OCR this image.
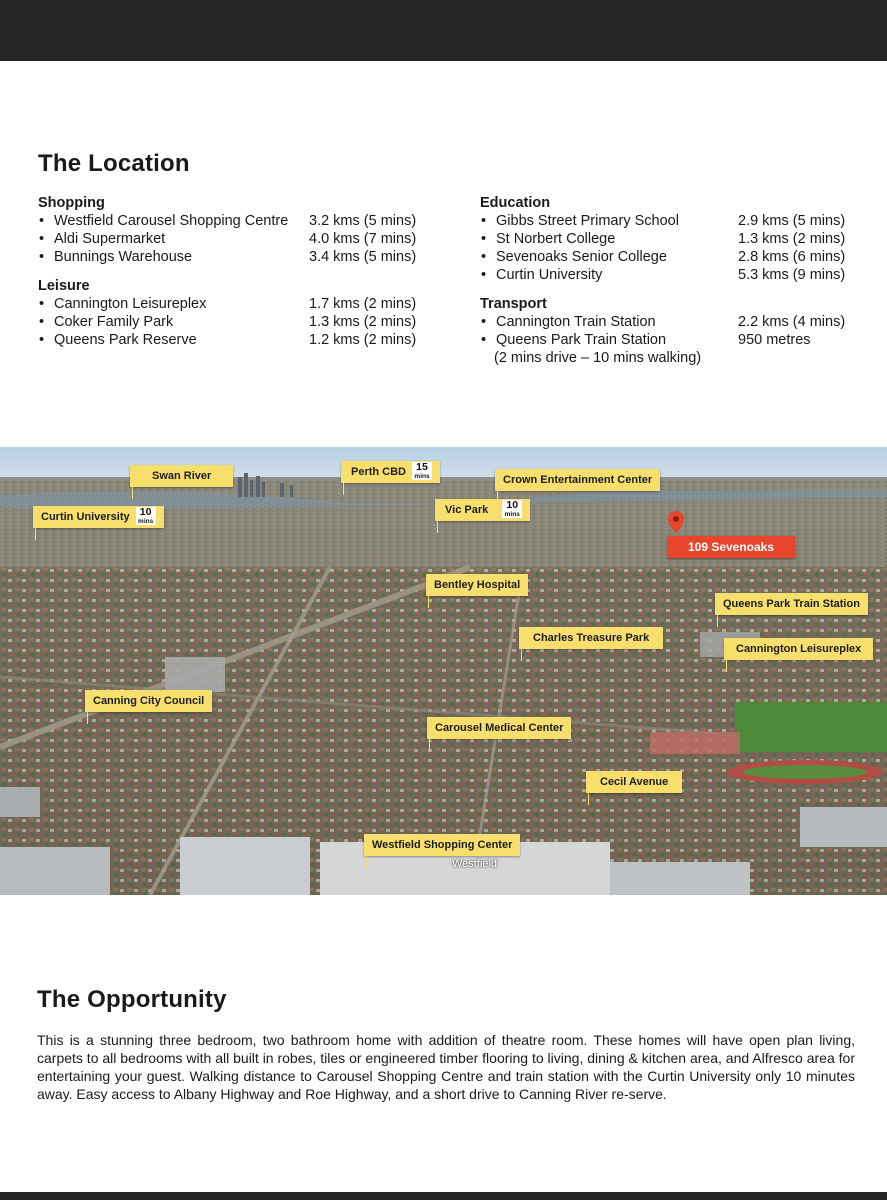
The Location
Shopping
• Westfield Carousel Shopping Centre 3.2 kms (5 mins)
• Aldi Supermarket	4.0 kms (7 mins)
• Bunnings Warehouse	3.4 kms (5 mins)
Leisure
• Cannington Leisureplex	1.7 kms (2 mins)
• Coker Family Park	1.3 kms (2 mins)
• Queens Park Reserve	1.2 kms (2 mins)
Education
• Gibbs Street Primary School	2.9 kms (5 mins)
• St Norbert College	1.3 kms (2 mins)
• Sevenoaks Senior College	2.8 kms (6 mins)
• Curtin University	5.3 kms (9 mins)
Transport
• Cannington Train Station	2.2 kms (4 mins)
• Queens Park Train Station	950 metres
(2 mins drive – 10 mins walking)
Swan River	Perth CBD 15
mins	Crown Entertainment Center
Curtin University 10
mins
Vic Park	10
mins
109 Sevenoaks
Bentley Hospital
Queens Park Train Station
Charles Treasure Park
Cannington Leisureplex
Canning City Council
Carousel Medical Center
Cecil Avenue
Westfield Shopping Center
Westfield
The Opportunity

This is a stunning three bedroom, two bathroom home with addition of theatre room. These homes will have open plan living, carpets to all bedrooms with all built in robes, tiles or engineered timber flooring to living, dining & kitchen area, and Alfresco area for entertaining your guest. Walking distance to Carousel Shopping Centre and train station with the Curtin University only 10 minutes away. Easy access to Albany Highway and Roe Highway, and a short drive to Canning River re-serve.
